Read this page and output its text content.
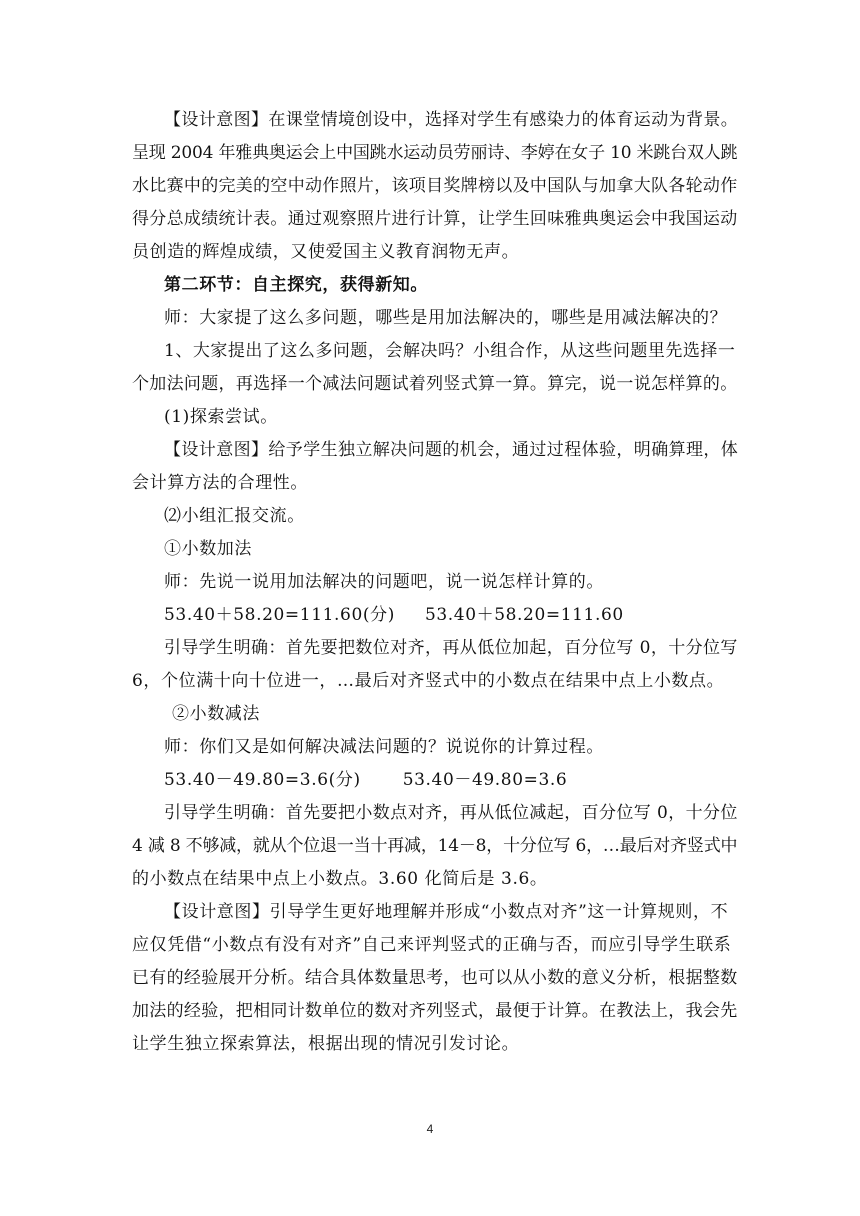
【设计意图】在课堂情境创设中，选择对学生有感染力的体育运动为背景。
呈现 2004 年雅典奥运会上中国跳水运动员劳丽诗、李婷在女子 10 米跳台双人跳
水比赛中的完美的空中动作照片，该项目奖牌榜以及中国队与加拿大队各轮动作
得分总成绩统计表。通过观察照片进行计算，让学生回味雅典奥运会中我国运动
员创造的辉煌成绩，又使爱国主义教育润物无声。
第二环节：自主探究，获得新知。
师：大家提了这么多问题，哪些是用加法解决的，哪些是用减法解决的？
1、大家提出了这么多问题，会解决吗？小组合作，从这些问题里先选择一
个加法问题，再选择一个减法问题试着列竖式算一算。算完，说一说怎样算的。
(1)探索尝试。
【设计意图】给予学生独立解决问题的机会，通过过程体验，明确算理，体
会计算方法的合理性。
⑵小组汇报交流。
①小数加法
师：先说一说用加法解决的问题吧，说一说怎样计算的。
53.40＋58.20=111.60(分)     53.40＋58.20=111.60
引导学生明确：首先要把数位对齐，再从低位加起，百分位写 0，十分位写
6，个位满十向十位进一，…最后对齐竖式中的小数点在结果中点上小数点。
②小数减法
师：你们又是如何解决减法问题的？说说你的计算过程。
53.40－49.80=3.6(分)       53.40－49.80=3.6
引导学生明确：首先要把小数点对齐，再从低位减起，百分位写 0，十分位
4 减 8 不够减，就从个位退一当十再减，14－8，十分位写 6，…最后对齐竖式中
的小数点在结果中点上小数点。3.60 化简后是 3.6。
【设计意图】引导学生更好地理解并形成“小数点对齐”这一计算规则，不
应仅凭借“小数点有没有对齐”自己来评判竖式的正确与否，而应引导学生联系
已有的经验展开分析。结合具体数量思考，也可以从小数的意义分析，根据整数
加法的经验，把相同计数单位的数对齐列竖式，最便于计算。在教法上，我会先
让学生独立探索算法，根据出现的情况引发讨论。
4
